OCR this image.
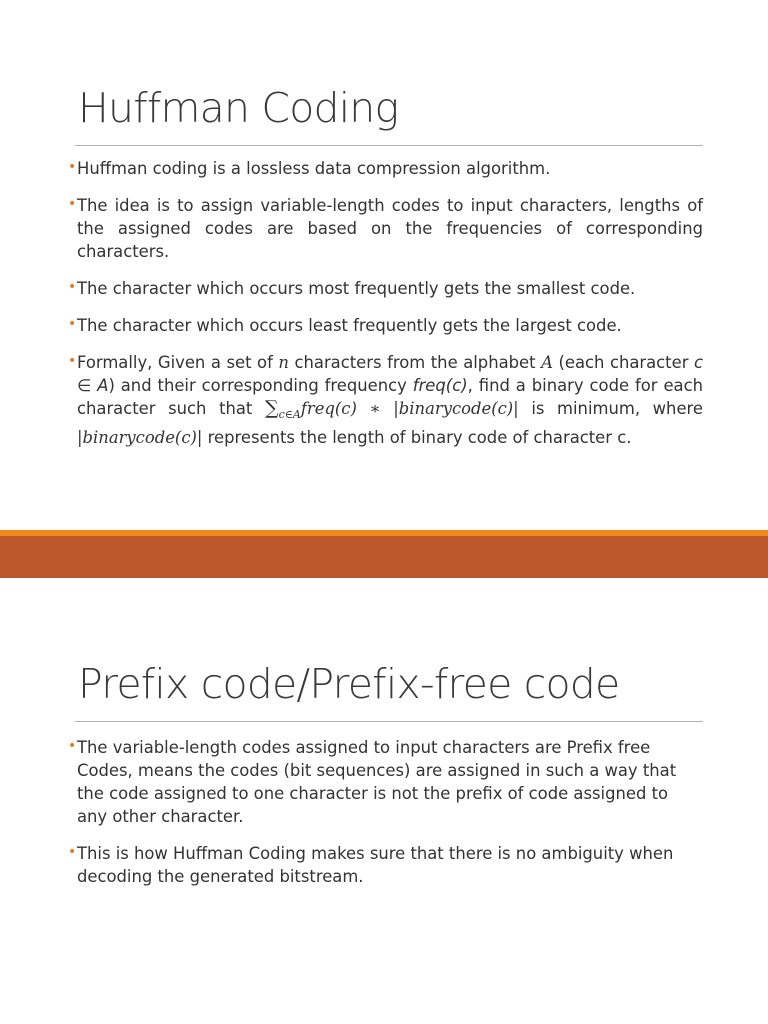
Huffman Coding
• Huffman coding is a lossless data compression algorithm.
• The idea is to assign variable-length codes to input characters, lengths of the assigned codes are based on the frequencies of corresponding characters.
• The character which occurs most frequently gets the smallest code.
• The character which occurs least frequently gets the largest code.
• Formally, Given a set of n characters from the alphabet A (each character c ∈ A) and their corresponding frequency freq(c), find a binary code for each character such that $\sum_{c\in A}freq(c)$ ∗ |binarycode(c)| is minimum, where |binarycode(c)| represents the length of binary code of character c.
Prefix code/Prefix-free code
• The variable-length codes assigned to input characters are Prefix free Codes, means the codes (bit sequences) are assigned in such a way that the code assigned to one character is not the prefix of code assigned to any other character.
• This is how Huffman Coding makes sure that there is no ambiguity when decoding the generated bitstream.
